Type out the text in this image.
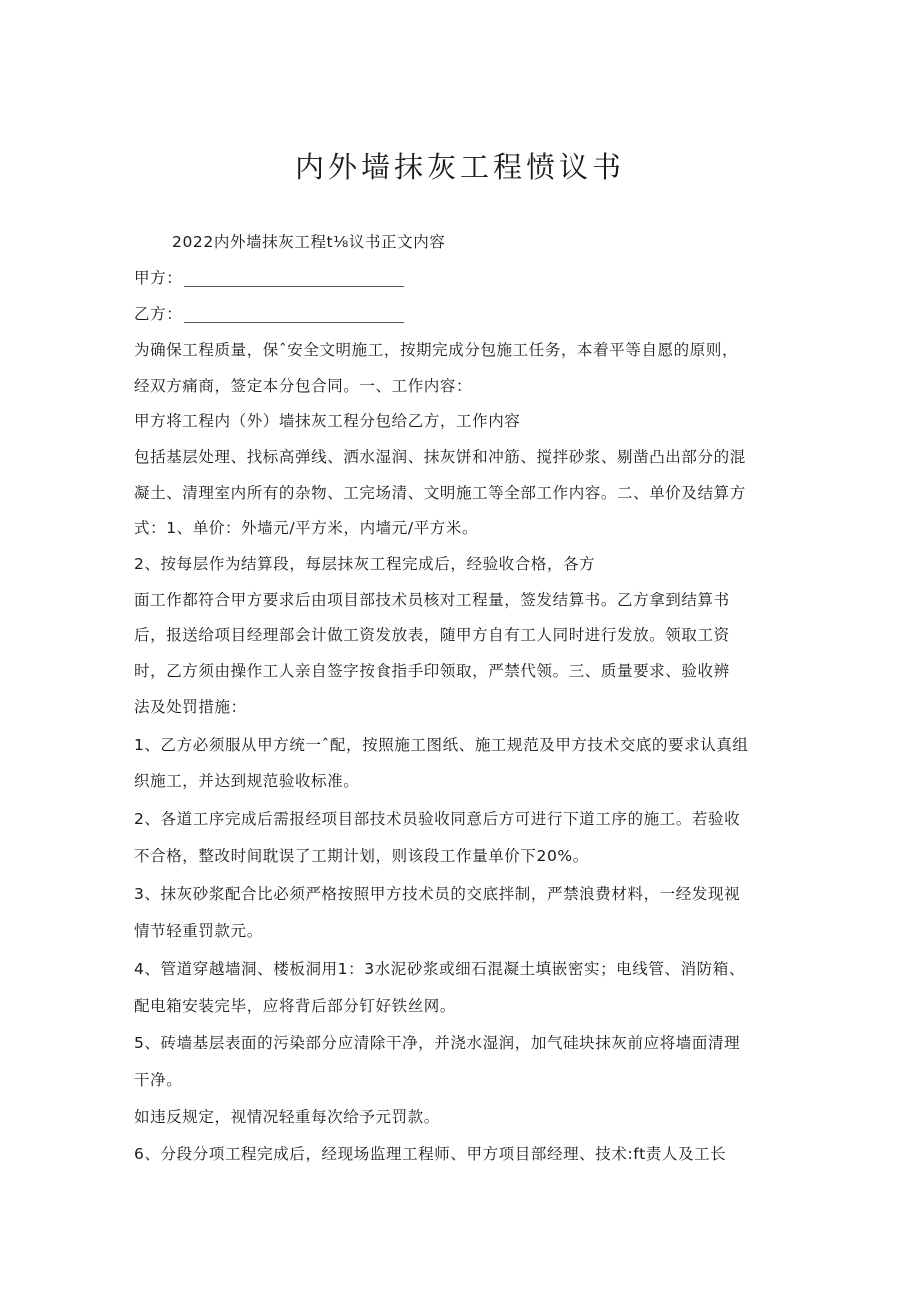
内外墙抹灰工程愤议书
2022内外墙抹灰工程t⅛议书正文内容
甲方：
乙方：
为确保工程质量，保ˆ安全文明施工，按期完成分包施工任务，本着平等自愿的原则，
经双方痛商，签定本分包合同。一、工作内容：
甲方将工程内（外）墙抹灰工程分包给乙方，工作内容
包括基层处理、找标高弹线、洒水湿润、抹灰饼和冲筋、搅拌砂浆、剔凿凸出部分的混
凝土、清理室内所有的杂物、工完场清、文明施工等全部工作内容。二、单价及结算方
式：1、单价：外墙元/平方米，内墙元/平方米。
2、按每层作为结算段，每层抹灰工程完成后，经验收合格，各方
面工作都符合甲方要求后由项目部技术员核对工程量，签发结算书。乙方拿到结算书
后，报送给项目经理部会计做工资发放表，随甲方自有工人同时进行发放。领取工资
时，乙方须由操作工人亲自签字按食指手印领取，严禁代领。三、质量要求、验收辨
法及处罚措施：
1、乙方必须服从甲方统一ˆ配，按照施工图纸、施工规范及甲方技术交底的要求认真组
织施工，并达到规范验收标准。
2、各道工序完成后需报经项目部技术员验收同意后方可进行下道工序的施工。若验收
不合格，整改时间耽误了工期计划，则该段工作量单价下20%。
3、抹灰砂浆配合比必须严格按照甲方技术员的交底拌制，严禁浪费材料，一经发现视
情节轻重罚款元。
4、管道穿越墙洞、楼板洞用1：3水泥砂浆或细石混凝土填嵌密实；电线管、消防箱、
配电箱安装完毕，应将背后部分钉好铁丝网。
5、砖墙基层表面的污染部分应清除干净，并浇水湿润，加气硅块抹灰前应将墙面清理
干净。
如违反规定，视情况轻重每次给予元罚款。
6、分段分项工程完成后，经现场监理工程师、甲方项目部经理、技术:ft责人及工长
